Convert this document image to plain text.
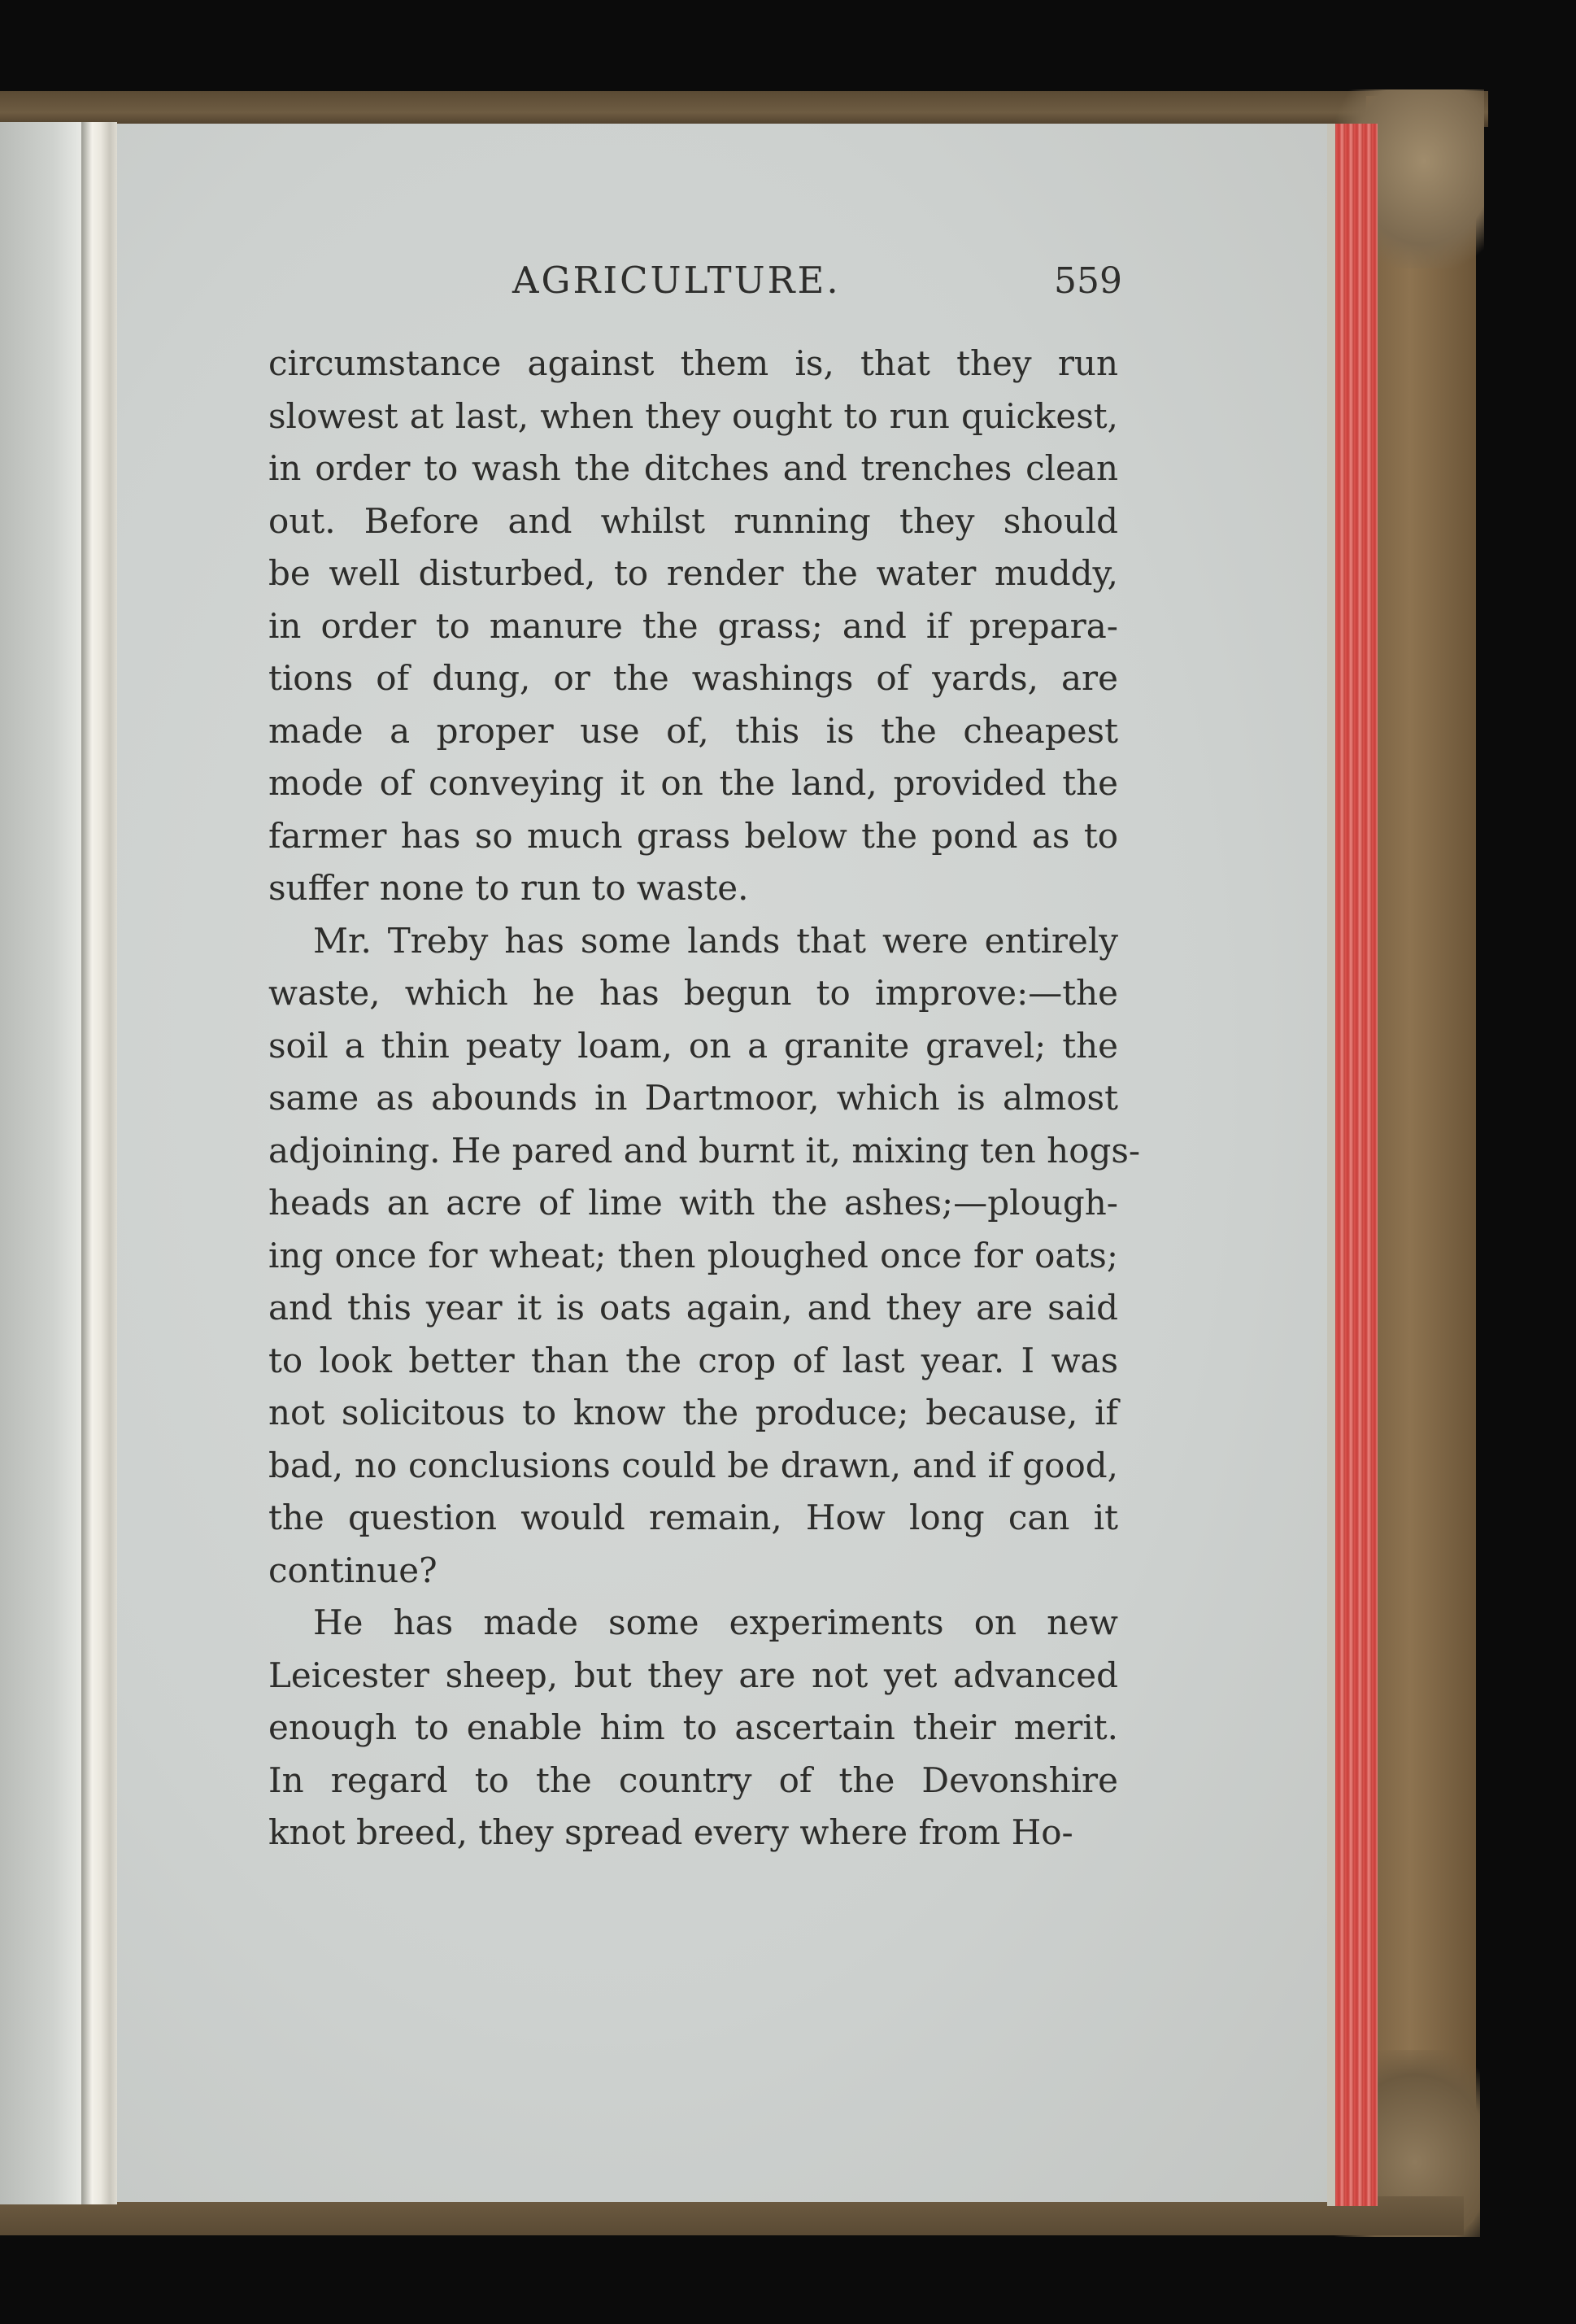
AGRICULTURE.	559
circumstance against them is, that they run
slowest at last, when they ought to run quickest,
in order to wash the ditches and trenches clean
out. Before and whilst running they should
be well disturbed, to render the water muddy,
in order to manure the grass; and if prepara-
tions of dung, or the washings of yards, are
made a proper use of, this is the cheapest
mode of conveying it on the land, provided the
farmer has so much grass below the pond as to
suffer none to run to waste.
Mr. Treby has some lands that were entirely
waste, which he has begun to improve:—the
soil a thin peaty loam, on a granite gravel; the
same as abounds in Dartmoor, which is almost
adjoining. He pared and burnt it, mixing ten hogs-
heads an acre of lime with the ashes;—plough-
ing once for wheat; then ploughed once for oats;
and this year it is oats again, and they are said
to look better than the crop of last year. I was
not solicitous to know the produce; because, if
bad, no conclusions could be drawn, and if good,
the question would remain, How long can it
continue?
He has made some experiments on new
Leicester sheep, but they are not yet advanced
enough to enable him to ascertain their merit.
In regard to the country of the Devonshire
knot breed, they spread every where from Ho-
